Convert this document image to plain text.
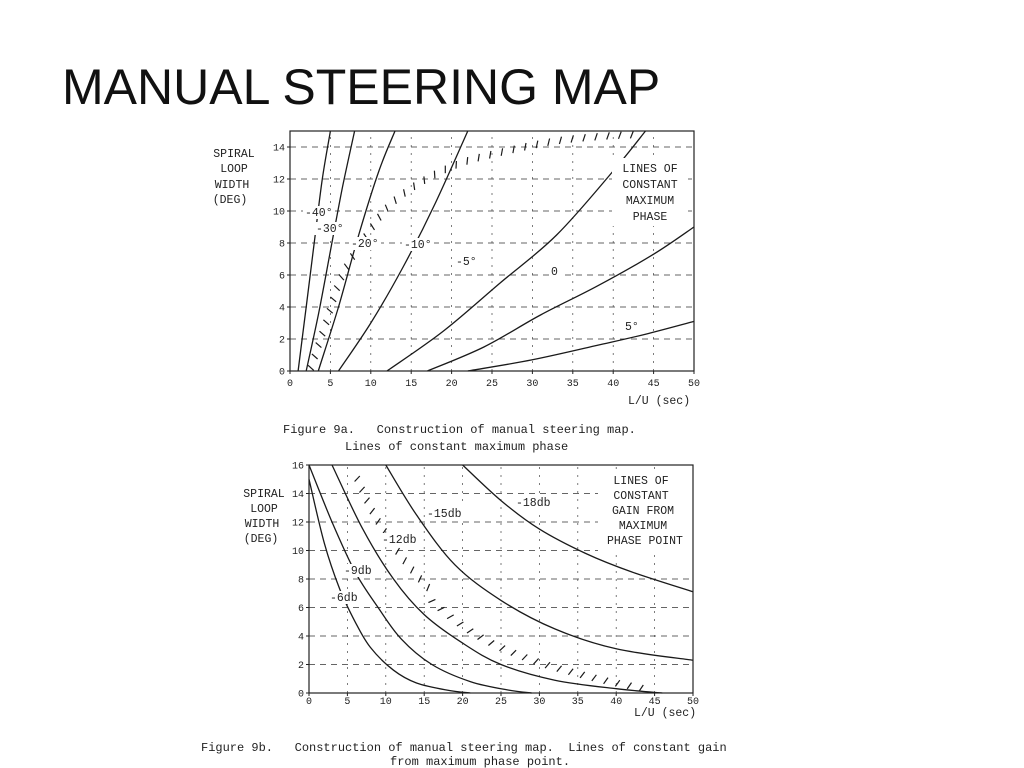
MANUAL STEERING MAP
0	5	10	15	20	25	30	35	40	45	50
0
2
4
6
8
10
12
14
SPIRAL
LOOP
WIDTH
(DEG)
LINES OF
CONSTANT
MAXIMUM
PHASE
L/U (sec)
-40°
-30°
-20° -10°
-5°
0
5°
Figure 9a.   Construction of manual steering map.
Lines of constant maximum phase
0	5	10	15	20	25	30	35	40	45	50
0
2
4
6
8
10
12
14
16
SPIRAL
LOOP
WIDTH
(DEG)
LINES OF
CONSTANT
GAIN FROM
MAXIMUM
PHASE POINT
L/U (sec)
-6db
-9db
-12db
-15db
-18db
Figure 9b.   Construction of manual steering map.  Lines of constant gain
from maximum phase point.
